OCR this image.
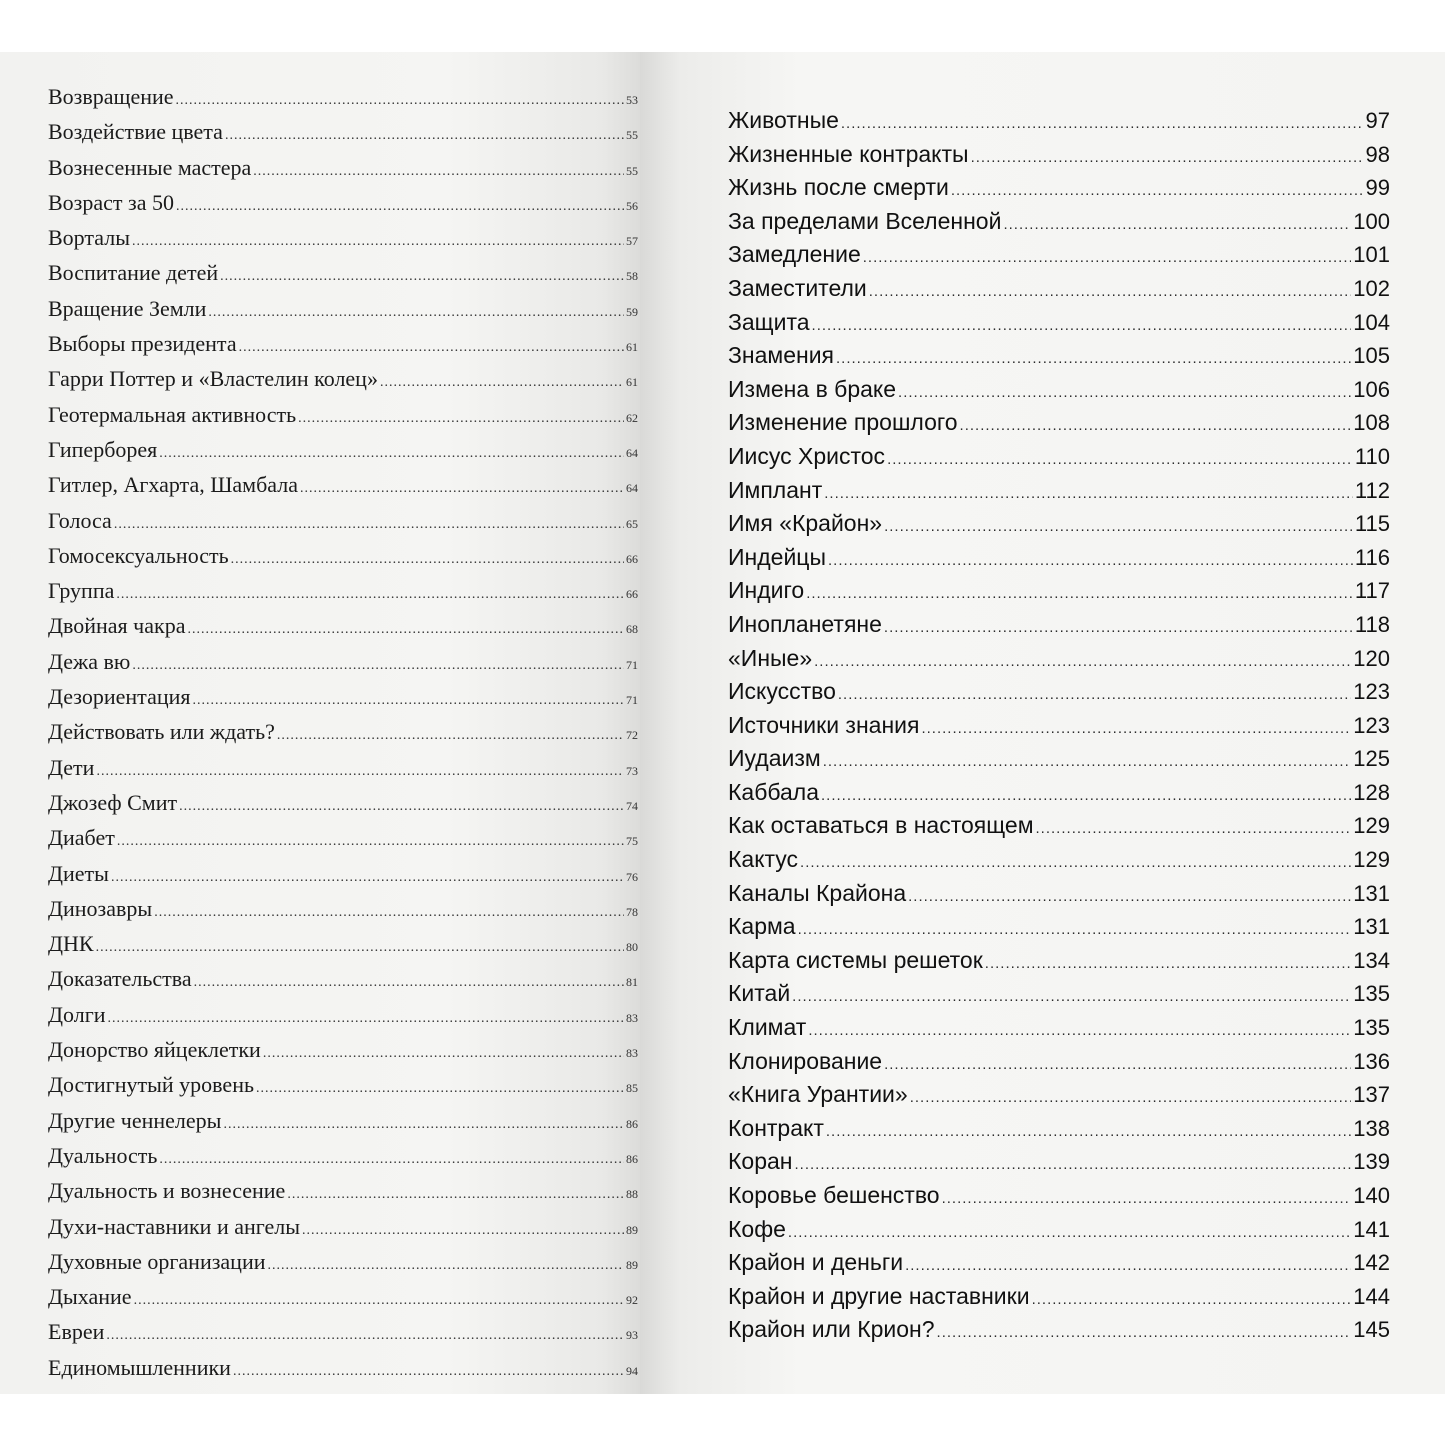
Возвращение .....	53
Воздействие цвета .....	55
Вознесенные мастера .....	55
Возраст за 50 .....	56
Ворталы .....	57
Воспитание детей .....	58
Вращение Земли .....	59
Выборы президента .....	61
Гарри Поттер и «Властелин колец» .....	61
Геотермальная активность .....	62
Гиперборея .....	64
Гитлер, Агхарта, Шамбала .....	64
Голоса .....	65
Гомосексуальность .....	66
Группа .....	66
Двойная чакра .....	68
Дежа вю .....	71
Дезориентация .....	71
Действовать или ждать? .....	72
Дети .....	73
Джозеф Смит .....	74
Диабет .....	75
Диеты .....	76
Динозавры .....	78
ДНК .....	80
Доказательства .....	81
Долги .....	83
Донорство яйцеклетки .....	83
Достигнутый уровень .....	85
Другие ченнелеры .....	86
Дуальность .....	86
Дуальность и вознесение .....	88
Духи-наставники и ангелы .....	89
Духовные организации .....	89
Дыхание .....	92
Евреи .....	93
Единомышленники .....	94
Животные .....	97
Жизненные контракты .....	98
Жизнь после смерти .....	99
За пределами Вселенной .....	100
Замедление .....	101
Заместители .....	102
Защита .....	104
Знамения .....	105
Измена в браке .....	106
Изменение прошлого .....	108
Иисус Христос .....	110
Имплант .....	112
Имя «Крайон» .....	115
Индейцы .....	116
Индиго .....	117
Инопланетяне .....	118
«Иные» .....	120
Искусство .....	123
Источники знания .....	123
Иудаизм .....	125
Каббала .....	128
Как оставаться в настоящем .....	129
Кактус .....	129
Каналы Крайона .....	131
Карма .....	131
Карта системы решеток .....	134
Китай .....	135
Климат .....	135
Клонирование .....	136
«Книга Урантии» .....	137
Контракт .....	138
Коран .....	139
Коровье бешенство .....	140
Кофе .....	141
Крайон и деньги .....	142
Крайон и другие наставники .....	144
Крайон или Крион? .....	145
